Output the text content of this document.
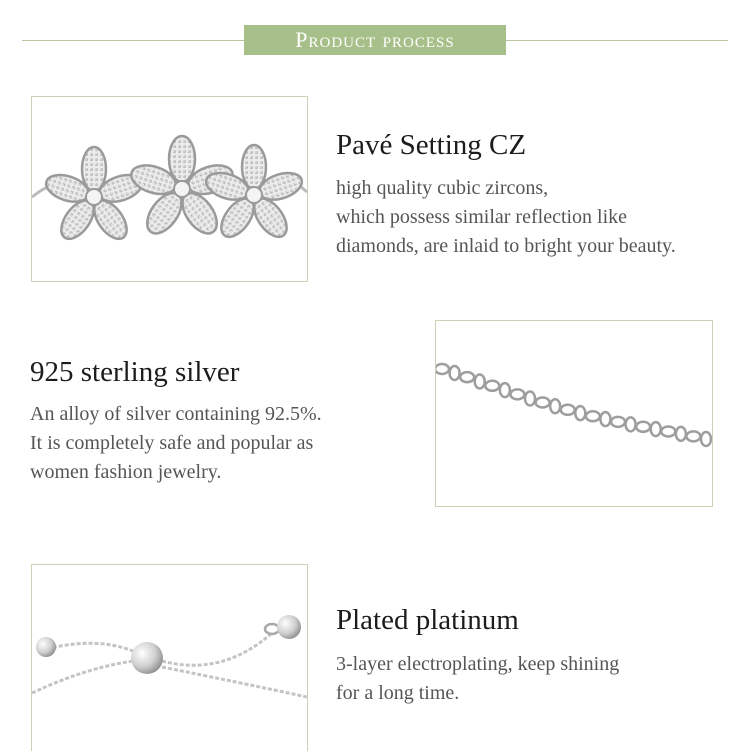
Product process
Pavé Setting CZ
high quality cubic zircons,
which possess similar reflection like
diamonds, are inlaid to bright your beauty.
925 sterling silver
An alloy of silver containing 92.5%.
It is completely safe and popular as
women fashion jewelry.
Plated platinum
3-layer electroplating, keep shining
for a long time.
